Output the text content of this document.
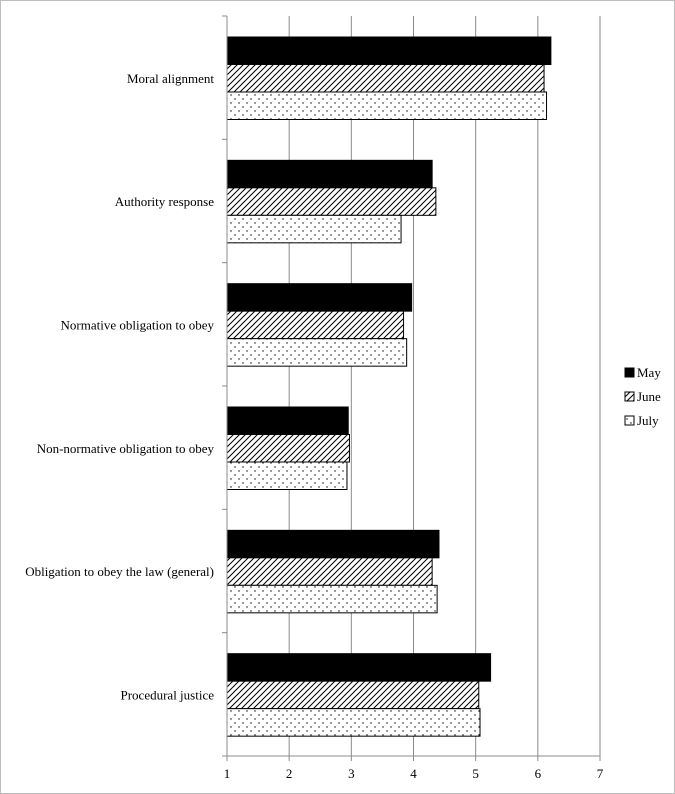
1	2	3	4	5	6	7
Moral alignment
Authority response
Normative obligation to obey
Non-normative obligation to obey
Obligation to obey the law (general)
Procedural justice
May
June
July
